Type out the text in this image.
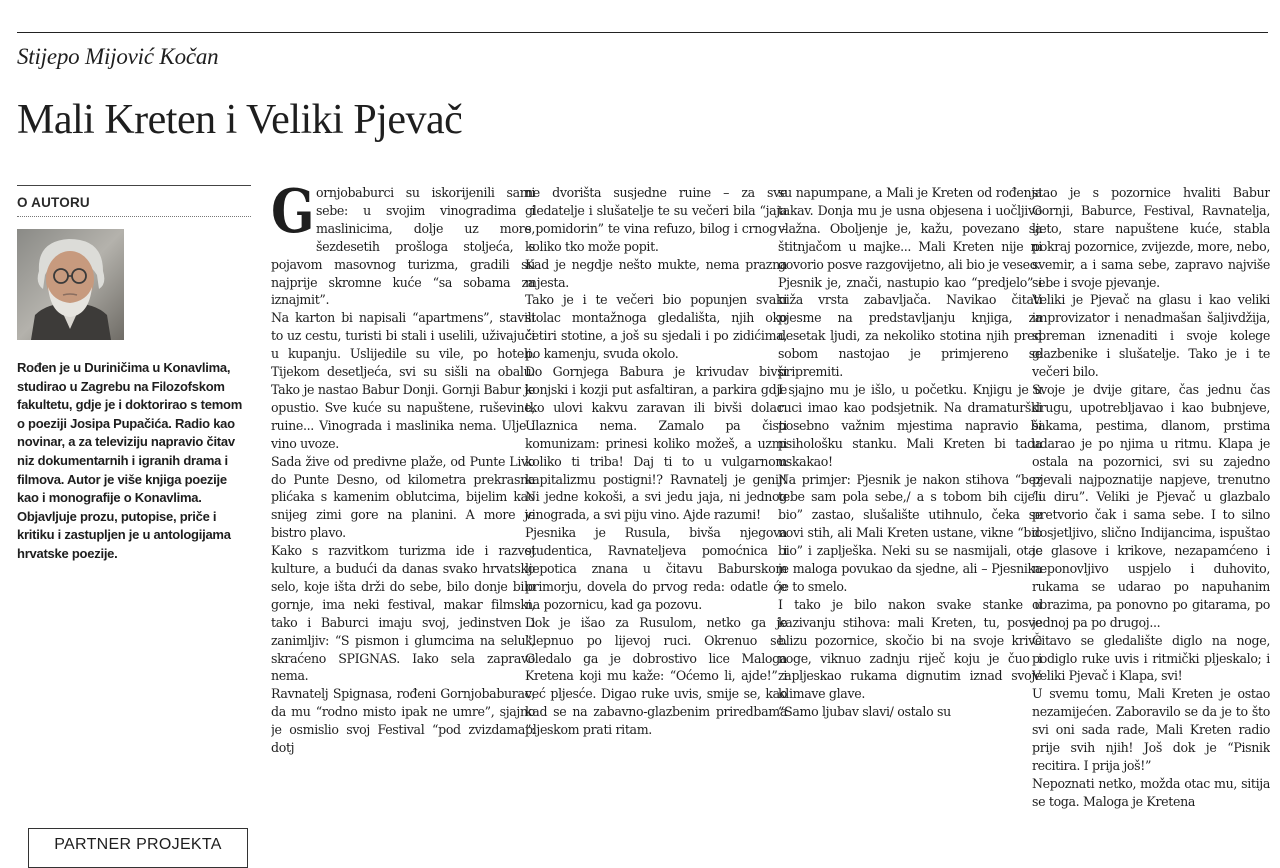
Stijepo Mijović Kočan
Mali Kreten i Veliki Pjevač
O AUTORU
Rođen je u Duriničima u Konavlima, studirao u Zagrebu na Filozofskom fakultetu, gdje je i doktorirao s temom o poeziji Josipa Pupačića. Radio kao novinar, a za televiziju napravio čitav niz dokumentarnih i igranih drama i filmova. Autor je više knjiga poezije kao i monografije o Konavlima. Objavljuje prozu, putopise, priče i kritiku i zastupljen je u antologijama hrvatske poezije.
PARTNER PROJEKTA
G ornjobaburci su iskorijenili sami sebe: u svojim vinogradima i maslinicima, dolje uz more, šezdesetih prošloga stoljeća, s pojavom masovnog turizma, gradili su najprije skromne kuće “sa sobama za iznajmit”.

Na karton bi napisali “apartmens”, stavili to uz cestu, turisti bi stali i uselili, uživajući u kupanju. Uslijedile su vile, po hoteli. Tijekom desetljeća, svi su sišli na obalu. Tako je nastao Babur Donji. Gornji Babur je opustio. Sve kuće su napuštene, ruševine, ruine... Vinograda i maslinika nema. Ulje i vino uvoze.

Sada žive od predivne plaže, od Punte Livo do Punte Desno, od kilometra prekrasna plićaka s kamenim oblutcima, bijelim kao snijeg zimi gore na planini. A more je bistro plavo.

Kako s razvitkom turizma ide i razvoj kulture, a budući da danas svako hrvatsko selo, koje išta drži do sebe, bilo donje bilo gornje, ima neki festival, makar filmski, tako i Baburci imaju svoj, jedinstven i zanimljiv: “S pismon i glumcima na selu”, skraćeno SPIGNAS. Iako sela zapravo nema.

Ravnatelj Spignasa, rođeni Gornjobaburac, da mu “rodno misto ipak ne umre”, sjajno je osmislio svoj Festival “pod zvizdama”: dotj

ne dvorišta susjedne ruine – za sve gledatelje i slušatelje te su večeri bila “jaja s pomidorin” te vina refuzo, bilog i crnog – koliko tko može popit.

Kad je negdje nešto mukte, nema prazna mjesta.

Tako je i te večeri bio popunjen svaki stolac montažnoga gledališta, njih oko četiri stotine, a još su sjedali i po zidićima, po kamenju, svuda okolo.

Do Gornjega Babura je krivudav bivši konjski i kozji put asfaltiran, a parkira gdje tko ulovi kakvu zaravan ili bivši dolac. Ulaznica nema. Zamalo pa čisti komunizam: prinesi koliko možeš, a uzmi koliko ti triba! Daj ti to u vulgarnom kapitalizmu postigni!? Ravnatelj je genij! Ni jedne kokoši, a svi jedu jaja, ni jednog vinograda, a svi piju vino. Ajde razumi!

Pjesnika je Rusula, bivša njegova studentica, Ravnateljeva pomoćnica i ljepotica znana u čitavu Baburskom primorju, dovela do prvog reda: odatle će na pozornicu, kad ga pozovu.

Dok je išao za Rusulom, netko ga je klepnuo po lijevoj ruci. Okrenuo se. Gledalo ga je dobrostivo lice Maloga Kretena koji mu kaže: “Oćemo li, ajde!” i već pljesće. Digao ruke uvis, smije se, kao kad se na zabavno-glazbenim priredbama pljeskom prati ritam.

su napumpane, a Mali je Kreten od rođenja takav. Donja mu je usna objesena i uočljivo vlažna. Oboljenje je, kažu, povezano sa štitnjačom u majke... Mali Kreten nije ni govorio posve razgovijetno, ali bio je veseo.

Pjesnik je, znači, nastupio kao “predjelo” i niža vrsta zabavljača. Navikao čitati pjesme na predstavljanju knjiga, za desetak ljudi, za nekoliko stotina njih pred sobom nastojao je primjereno se pripremiti.

I sjajno mu je išlo, u početku. Knjigu je u ruci imao kao podsjetnik. Na dramaturški posebno važnim mjestima napravio bi psihološku stanku. Mali Kreten bi tada uskakao!

Na primjer: Pjesnik je nakon stihova “bez tebe sam pola sebe,/ a s tobom bih cijeli bio” zastao, slušalište utihnulo, čeka se novi stih, ali Mali Kreten ustane, vikne “bio bio” i zaplješka. Neki su se nasmijali, otac je maloga povukao da sjedne, ali – Pjesnika je to smelo.

I tako je bilo nakon svake stanke u kazivanju stihova: mali Kreten, tu, posve blizu pozornice, skočio bi na svoje krive noge, viknuo zadnju riječ koju je čuo i zapljeskao rukama dignutim iznad svoje klimave glave.

“Samo ljubav slavi/ ostalo su

stao je s pozornice hvaliti Babur Gornji, Baburce, Festival, Ravnatelja, ljeto, stare napuštene kuće, stabla pokraj pozornice, zvijezde, more, nebo, svemir, a i sama sebe, zapravo najviše sebe i svoje pjevanje.

Veliki je Pjevač na glasu i kao veliki improvizator i nenadmašan šaljivdžija, spreman iznenaditi i svoje kolege glazbenike i slušatelje. Tako je i te večeri bilo.

Svoje je dvije gitare, čas jednu čas drugu, upotrebljavao i kao bubnjeve, šakama, pestima, dlanom, prstima udarao je po njima u ritmu. Klapa je ostala na pozornici, svi su zajedno pjevali najpoznatije napjeve, trenutno “u diru”. Veliki je Pjevač u glazbalo pretvorio čak i sama sebe. I to silno dosjetljivo, slično Indijancima, ispuštao je glasove i krikove, nezapamćeno i neponovljivo uspjelo i duhovito, rukama se udarao po napuhanim obrazima, pa ponovno po gitarama, po jednoj pa po drugoj...

Čitavo se gledalište diglo na noge, podiglo ruke uvis i ritmički pljeskalo; i Veliki Pjevač i Klapa, svi!

U svemu tomu, Mali Kreten je ostao nezamijećen. Zaboravilo se da je to što svi oni sada rade, Mali Kreten radio prije svih njih! Još dok je “Pisnik recitira. I prija još!”

Nepoznati netko, možda otac mu, sitija se toga. Maloga je Kretena
